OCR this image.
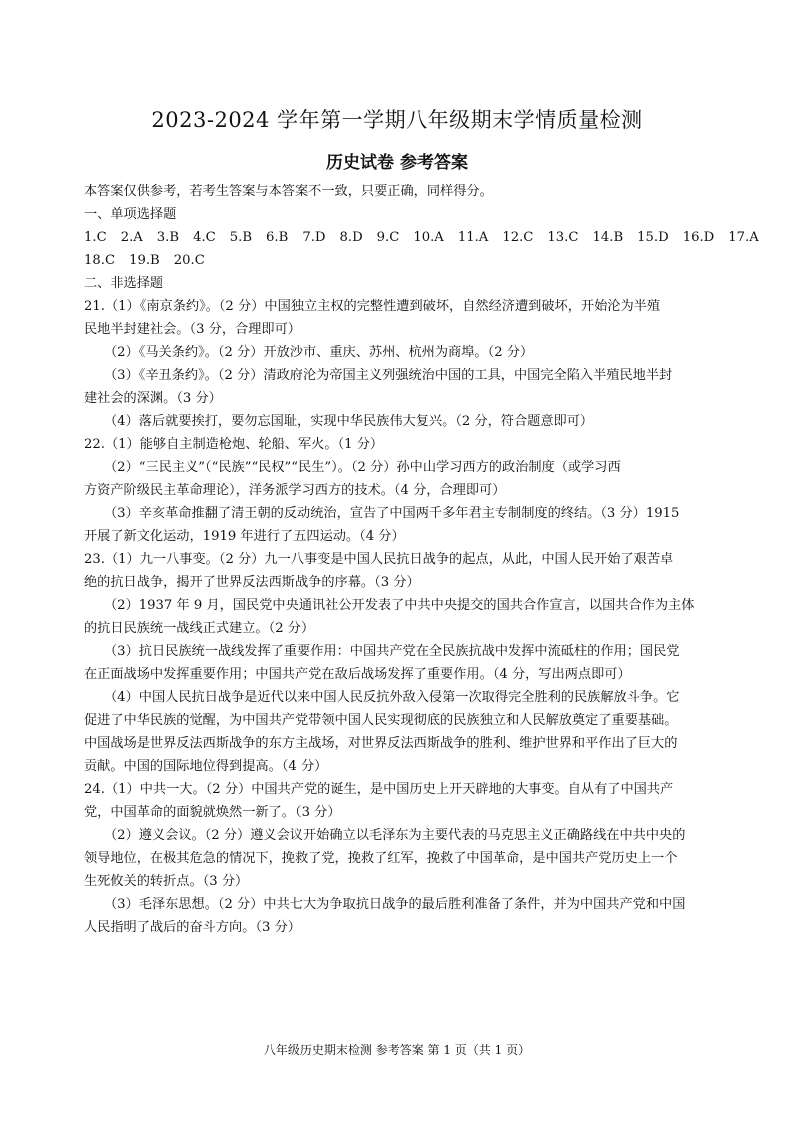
2023-2024 学年第一学期八年级期末学情质量检测
历史试卷 参考答案
本答案仅供参考，若考生答案与本答案不一致，只要正确，同样得分。
一、单项选择题
1.C 2.A 3.B 4.C 5.B 6.B 7.D 8.D 9.C 10.A 11.A 12.C 13.C 14.B 15.D 16.D 17.A
18.C 19.B 20.C
二、非选择题
21.（1）《南京条约》。（2 分）中国独立主权的完整性遭到破坏，自然经济遭到破坏，开始沦为半殖
民地半封建社会。（3 分，合理即可）
（2）《马关条约》。（2 分）开放沙市、重庆、苏州、杭州为商埠。（2 分）
（3）《辛丑条约》。（2 分）清政府沦为帝国主义列强统治中国的工具，中国完全陷入半殖民地半封
建社会的深渊。（3 分）
（4）落后就要挨打，要勿忘国耻，实现中华民族伟大复兴。（2 分，符合题意即可）
22.（1）能够自主制造枪炮、轮船、军火。（1 分）
（2）“三民主义”（“民族”“民权”“民生”）。（2 分）孙中山学习西方的政治制度（或学习西
方资产阶级民主革命理论），洋务派学习西方的技术。（4 分，合理即可）
（3）辛亥革命推翻了清王朝的反动统治，宣告了中国两千多年君主专制制度的终结。（3 分）1915
开展了新文化运动，1919 年进行了五四运动。（4 分）
23.（1）九一八事变。（2 分）九一八事变是中国人民抗日战争的起点，从此，中国人民开始了艰苦卓
绝的抗日战争，揭开了世界反法西斯战争的序幕。（3 分）
（2）1937 年 9 月，国民党中央通讯社公开发表了中共中央提交的国共合作宣言，以国共合作为主体
的抗日民族统一战线正式建立。（2 分）
（3）抗日民族统一战线发挥了重要作用：中国共产党在全民族抗战中发挥中流砥柱的作用；国民党
在正面战场中发挥重要作用；中国共产党在敌后战场发挥了重要作用。（4 分，写出两点即可）
（4）中国人民抗日战争是近代以来中国人民反抗外敌入侵第一次取得完全胜利的民族解放斗争。它
促进了中华民族的觉醒，为中国共产党带领中国人民实现彻底的民族独立和人民解放奠定了重要基础。
中国战场是世界反法西斯战争的东方主战场，对世界反法西斯战争的胜利、维护世界和平作出了巨大的
贡献。中国的国际地位得到提高。（4 分）
24.（1）中共一大。（2 分）中国共产党的诞生，是中国历史上开天辟地的大事变。自从有了中国共产
党，中国革命的面貌就焕然一新了。（3 分）
（2）遵义会议。（2 分）遵义会议开始确立以毛泽东为主要代表的马克思主义正确路线在中共中央的
领导地位，在极其危急的情况下，挽救了党，挽救了红军，挽救了中国革命，是中国共产党历史上一个
生死攸关的转折点。（3 分）
（3）毛泽东思想。（2 分）中共七大为争取抗日战争的最后胜利准备了条件，并为中国共产党和中国
人民指明了战后的奋斗方向。（3 分）
八年级历史期末检测 参考答案 第 1 页（共 1 页）
